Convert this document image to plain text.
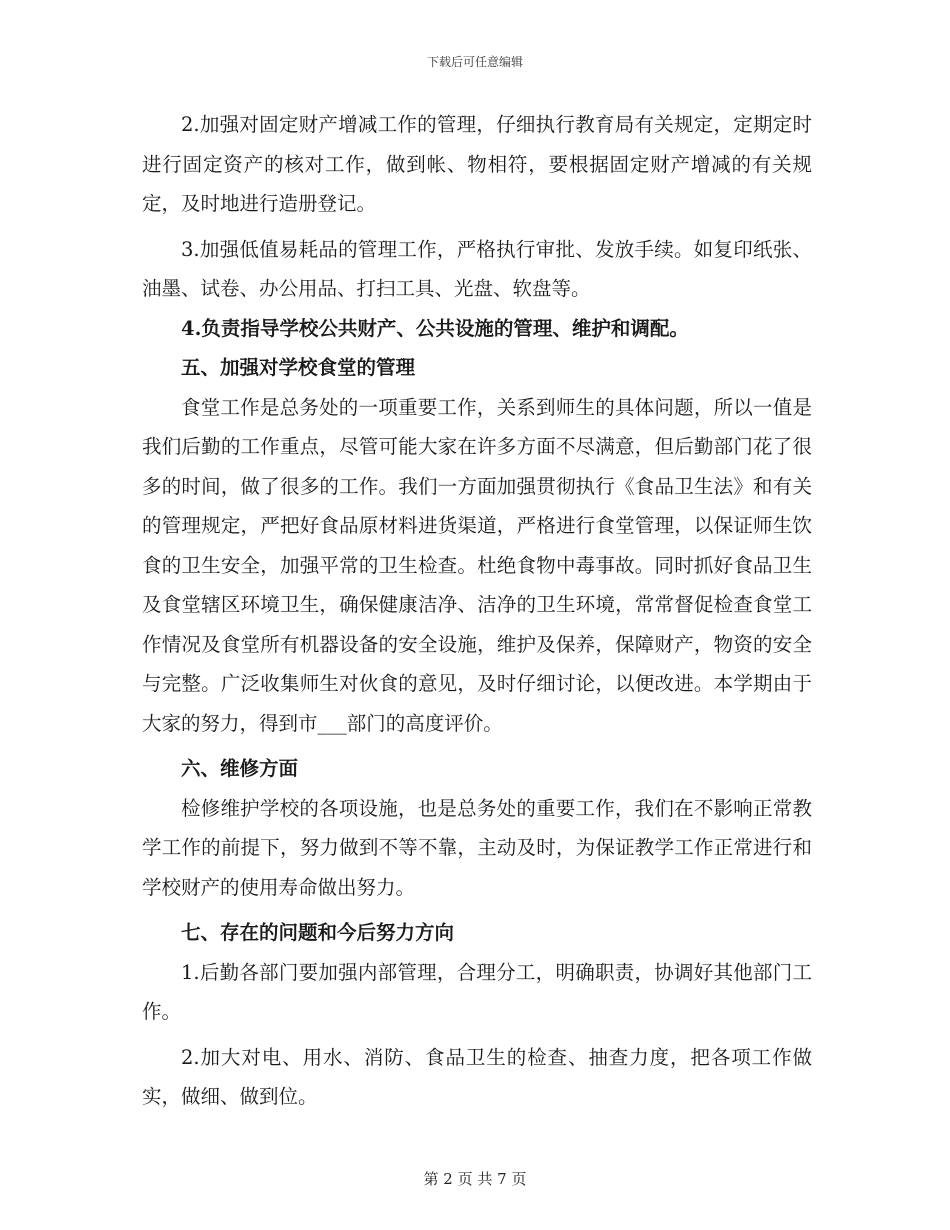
下载后可任意编辑

2.加强对固定财产增减工作的管理，仔细执行教育局有关规定，定期定时进行固定资产的核对工作，做到帐、物相符，要根据固定财产增减的有关规定，及时地进行造册登记。

3.加强低值易耗品的管理工作，严格执行审批、发放手续。如复印纸张、油墨、试卷、办公用品、打扫工具、光盘、软盘等。

4.负责指导学校公共财产、公共设施的管理、维护和调配。

五、加强对学校食堂的管理

食堂工作是总务处的一项重要工作，关系到师生的具体问题，所以一值是我们后勤的工作重点，尽管可能大家在许多方面不尽满意，但后勤部门花了很多的时间，做了很多的工作。我们一方面加强贯彻执行《食品卫生法》和有关的管理规定，严把好食品原材料进货渠道，严格进行食堂管理，以保证师生饮食的卫生安全，加强平常的卫生检查。杜绝食物中毒事故。同时抓好食品卫生及食堂辖区环境卫生，确保健康洁净、洁净的卫生环境，常常督促检查食堂工作情况及食堂所有机器设备的安全设施，维护及保养，保障财产，物资的安全与完整。广泛收集师生对伙食的意见，及时仔细讨论，以便改进。本学期由于大家的努力，得到市___部门的高度评价。

六、维修方面

检修维护学校的各项设施，也是总务处的重要工作，我们在不影响正常教学工作的前提下，努力做到不等不靠，主动及时，为保证教学工作正常进行和学校财产的使用寿命做出努力。

七、存在的问题和今后努力方向

1.后勤各部门要加强内部管理，合理分工，明确职责，协调好其他部门工作。

2.加大对电、用水、消防、食品卫生的检查、抽查力度，把各项工作做实，做细、做到位。

第 2 页 共 7 页
